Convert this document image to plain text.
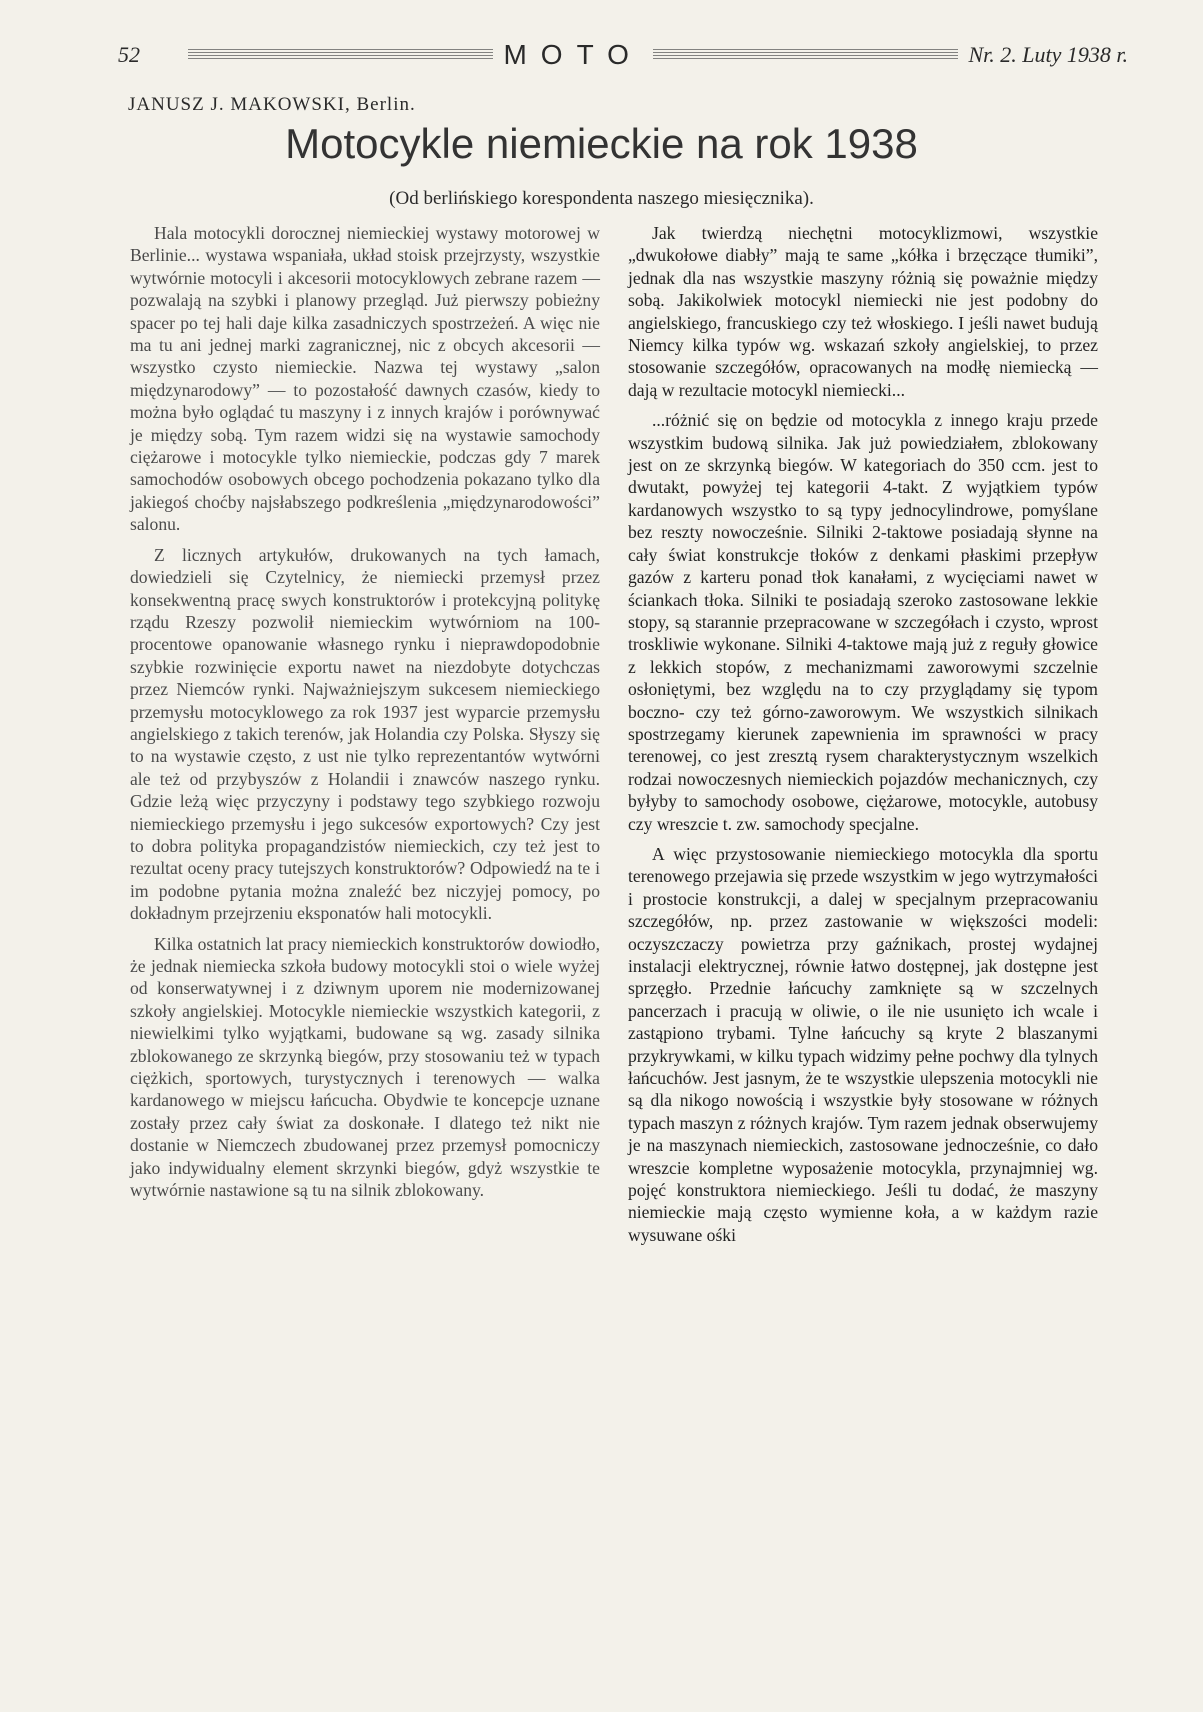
52	MOTO	Nr. 2. Luty 1938 r.
JANUSZ J. MAKOWSKI, Berlin.
Motocykle niemieckie na rok 1938
(Od berlińskiego korespondenta naszego miesięcznika).

Hala motocykli dorocznej niemieckiej wystawy motorowej w Berlinie... wystawa wspaniała, układ stoisk przejrzysty, wszystkie wytwórnie motocyli i akcesorii motocyklowych zebrane razem — pozwalają na szybki i planowy przegląd. Już pierwszy pobieżny spacer po tej hali daje kilka zasadniczych spostrzeżeń. A więc nie ma tu ani jednej marki zagranicznej, nic z obcych akcesorii — wszystko czysto niemieckie. Nazwa tej wystawy „salon międzynarodowy” — to pozostałość dawnych czasów, kiedy to można było oglądać tu maszyny i z innych krajów i porównywać je między sobą. Tym razem widzi się na wystawie samochody ciężarowe i motocykle tylko niemieckie, podczas gdy 7 marek samochodów osobowych obcego pochodzenia pokazano tylko dla jakiegoś choćby najsłabszego podkreślenia „międzynarodowości” salonu.

Z licznych artykułów, drukowanych na tych łamach, dowiedzieli się Czytelnicy, że niemiecki przemysł przez konsekwentną pracę swych konstruktorów i protekcyjną politykę rządu Rzeszy pozwolił niemieckim wytwórniom na 100-procentowe opanowanie własnego rynku i nieprawdopodobnie szybkie rozwinięcie exportu nawet na niezdobyte dotychczas przez Niemców rynki. Najważniejszym sukcesem niemieckiego przemysłu motocyklowego za rok 1937 jest wyparcie przemysłu angielskiego z takich terenów, jak Holandia czy Polska. Słyszy się to na wystawie często, z ust nie tylko reprezentantów wytwórni ale też od przybyszów z Holandii i znawców naszego rynku. Gdzie leżą więc przyczyny i podstawy tego szybkiego rozwoju niemieckiego przemysłu i jego sukcesów exportowych? Czy jest to dobra polityka propagandzistów niemieckich, czy też jest to rezultat oceny pracy tutejszych konstruktorów? Odpowiedź na te i im podobne pytania można znaleźć bez niczyjej pomocy, po dokładnym przejrzeniu eksponatów hali motocykli.

Kilka ostatnich lat pracy niemieckich konstruktorów dowiodło, że jednak niemiecka szkoła budowy motocykli stoi o wiele wyżej od konserwatywnej i z dziwnym uporem nie modernizowanej szkoły angielskiej. Motocykle niemieckie wszystkich kategorii, z niewielkimi tylko wyjątkami, budowane są wg. zasady silnika zblokowanego ze skrzynką biegów, przy stosowaniu też w typach ciężkich, sportowych, turystycznych i terenowych — walka kardanowego w miejscu łańcucha. Obydwie te koncepcje uznane zostały przez cały świat za doskonałe. I dlatego też nikt nie dostanie w Niemczech zbudowanej przez przemysł pomocniczy jako indywidualny element skrzynki biegów, gdyż wszystkie te wytwórnie nastawione są tu na silnik zblokowany.

Jak twierdzą niechętni motocyklizmowi, wszystkie „dwukołowe diabły” mają te same „kółka i brzęczące tłumiki”, jednak dla nas wszystkie maszyny różnią się poważnie między sobą. Jakikolwiek motocykl niemiecki nie jest podobny do angielskiego, francuskiego czy też włoskiego. I jeśli nawet budują Niemcy kilka typów wg. wskazań szkoły angielskiej, to przez stosowanie szczegółów, opracowanych na modłę niemiecką — dają w rezultacie motocykl niemiecki...

...różnić się on będzie od motocykla z innego kraju przede wszystkim budową silnika. Jak już powiedziałem, zblokowany jest on ze skrzynką biegów. W kategoriach do 350 ccm. jest to dwutakt, powyżej tej kategorii 4-takt. Z wyjątkiem typów kardanowych wszystko to są typy jednocylindrowe, pomyślane bez reszty nowocześnie. Silniki 2-taktowe posiadają słynne na cały świat konstrukcje tłoków z denkami płaskimi przepływ gazów z karteru ponad tłok kanałami, z wycięciami nawet w ściankach tłoka. Silniki te posiadają szeroko zastosowane lekkie stopy, są starannie przepracowane w szczegółach i czysto, wprost troskliwie wykonane. Silniki 4-taktowe mają już z reguły głowice z lekkich stopów, z mechanizmami zaworowymi szczelnie osłoniętymi, bez względu na to czy przyglądamy się typom boczno- czy też górno-zaworowym. We wszystkich silnikach spostrzegamy kierunek zapewnienia im sprawności w pracy terenowej, co jest zresztą rysem charakterystycznym wszelkich rodzai nowoczesnych niemieckich pojazdów mechanicznych, czy byłyby to samochody osobowe, ciężarowe, motocykle, autobusy czy wreszcie t. zw. samochody specjalne.

A więc przystosowanie niemieckiego motocykla dla sportu terenowego przejawia się przede wszystkim w jego wytrzymałości i prostocie konstrukcji, a dalej w specjalnym przepracowaniu szczegółów, np. przez zastowanie w większości modeli: oczyszczaczy powietrza przy gaźnikach, prostej wydajnej instalacji elektrycznej, równie łatwo dostępnej, jak dostępne jest sprzęgło. Przednie łańcuchy zamknięte są w szczelnych pancerzach i pracują w oliwie, o ile nie usunięto ich wcale i zastąpiono trybami. Tylne łańcuchy są kryte 2 blaszanymi przykrywkami, w kilku typach widzimy pełne pochwy dla tylnych łańcuchów. Jest jasnym, że te wszystkie ulepszenia motocykli nie są dla nikogo nowością i wszystkie były stosowane w różnych typach maszyn z różnych krajów. Tym razem jednak obserwujemy je na maszynach niemieckich, zastosowane jednocześnie, co dało wreszcie kompletne wyposażenie motocykla, przynajmniej wg. pojęć konstruktora niemieckiego. Jeśli tu dodać, że maszyny niemieckie mają często wymienne koła, a w każdym razie wysuwane ośki
